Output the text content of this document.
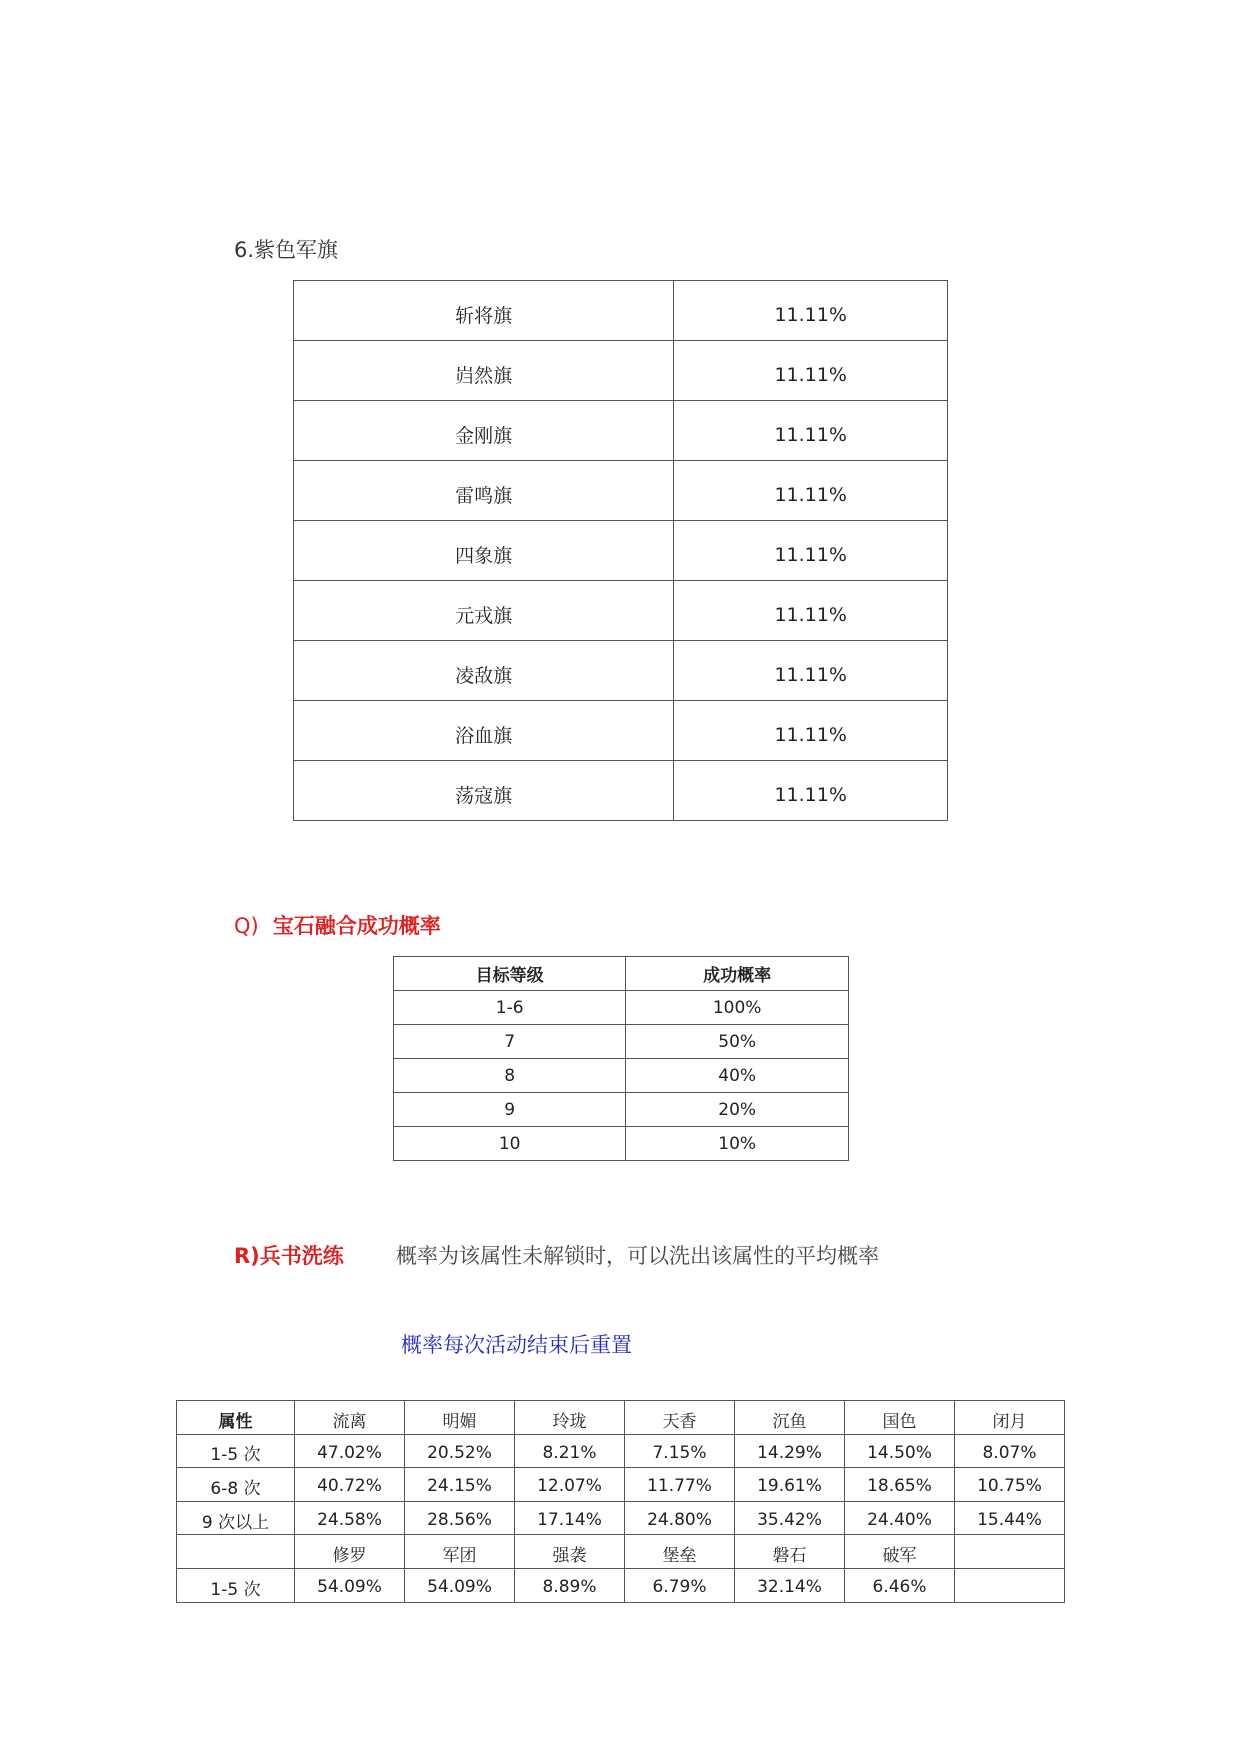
6.紫色军旗
斩将旗	11.11%
岿然旗	11.11%
金刚旗	11.11%
雷鸣旗	11.11%
四象旗	11.11%
元戎旗	11.11%
凌敌旗	11.11%
浴血旗	11.11%
荡寇旗	11.11%
Q) 宝石融合成功概率
目标等级	成功概率
1-6	100%
7	50%
8	40%
9	20%
10	10%
R)兵书洗练 概率为该属性未解锁时，可以洗出该属性的平均概率
概率每次活动结束后重置
属性	流离	明媚	玲珑	天香	沉鱼	国色	闭月
1-5 次	47.02%	20.52%	8.21%	7.15%	14.29%	14.50%	8.07%
6-8 次	40.72%	24.15%	12.07%	11.77%	19.61%	18.65%	10.75%
9 次以上	24.58%	28.56%	17.14%	24.80%	35.42%	24.40%	15.44%
	修罗	军团	强袭	堡垒	磐石	破军	
1-5 次	54.09%	54.09%	8.89%	6.79%	32.14%	6.46%	
